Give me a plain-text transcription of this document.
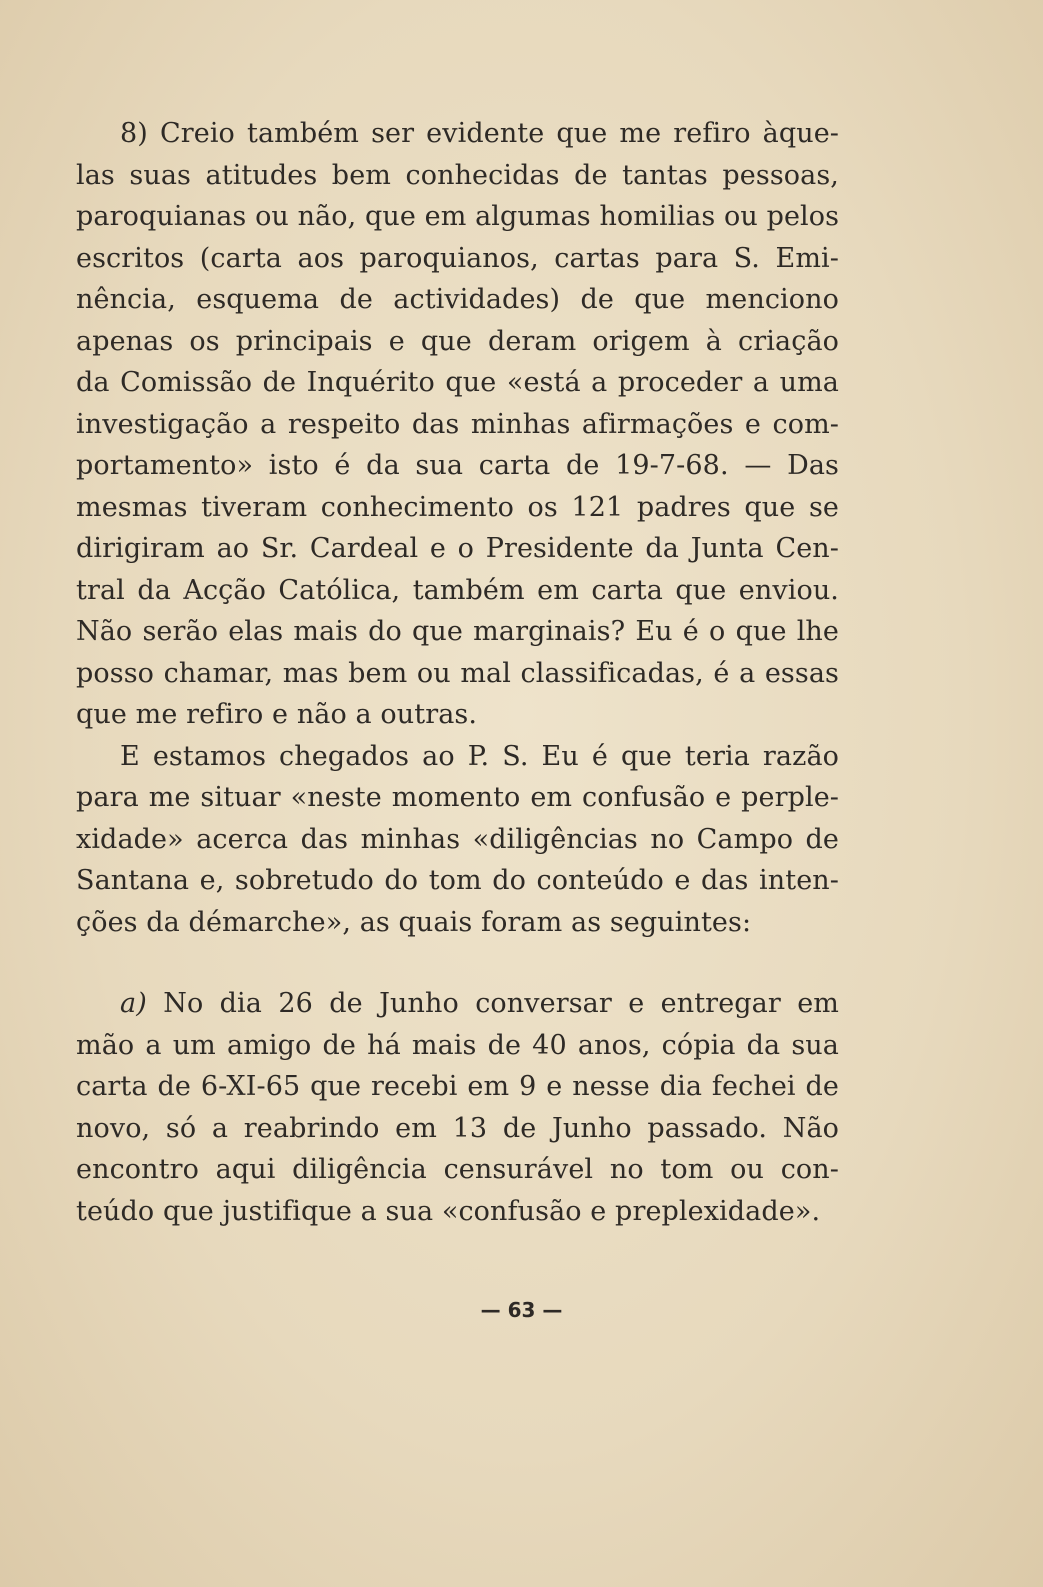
8) Creio também ser evidente que me refiro àque-
las suas atitudes bem conhecidas de tantas pessoas,
paroquianas ou não, que em algumas homilias ou pelos
escritos (carta aos paroquianos, cartas para S. Emi-
nência, esquema de actividades) de que menciono
apenas os principais e que deram origem à criação
da Comissão de Inquérito que «está a proceder a uma
investigação a respeito das minhas afirmações e com-
portamento» isto é da sua carta de 19-7-68. — Das
mesmas tiveram conhecimento os 121 padres que se
dirigiram ao Sr. Cardeal e o Presidente da Junta Cen-
tral da Acção Católica, também em carta que enviou.
Não serão elas mais do que marginais? Eu é o que lhe
posso chamar, mas bem ou mal classificadas, é a essas
que me refiro e não a outras.

E estamos chegados ao P. S. Eu é que teria razão
para me situar «neste momento em confusão e perple-
xidade» acerca das minhas «diligências no Campo de
Santana e, sobretudo do tom do conteúdo e das inten-
ções da démarche», as quais foram as seguintes:

a) No dia 26 de Junho conversar e entregar em
mão a um amigo de há mais de 40 anos, cópia da sua
carta de 6-XI-65 que recebi em 9 e nesse dia fechei de
novo, só a reabrindo em 13 de Junho passado. Não
encontro aqui diligência censurável no tom ou con-
teúdo que justifique a sua «confusão e preplexidade».

— 63 —
